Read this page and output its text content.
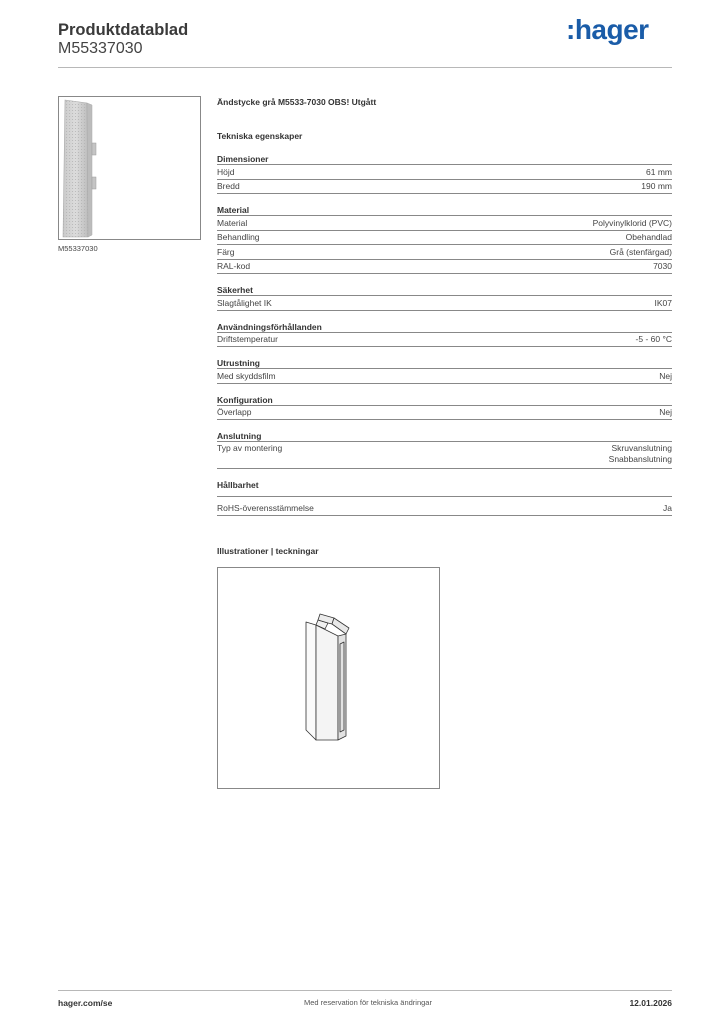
Produktdatablad
M55337030
:hager
M55337030
Ändstycke grå M5533-7030 OBS! Utgått
Tekniska egenskaper
Dimensioner
Höjd	61 mm
Bredd	190 mm
Material
Material	Polyvinylklorid (PVC)
Behandling	Obehandlad
Färg	Grå (stenfärgad)
RAL-kod	7030
Säkerhet
Slagtålighet IK	IK07
Användningsförhållanden
Driftstemperatur	-5 - 60 °C
Utrustning
Med skyddsfilm	Nej
Konfiguration
Överlapp	Nej
Anslutning
Typ av montering	Skruvanslutning
Snabbanslutning
Hållbarhet
RoHS-överensstämmelse	Ja
Illustrationer | teckningar
hager.com/se	Med reservation för tekniska ändringar	12.01.2026
